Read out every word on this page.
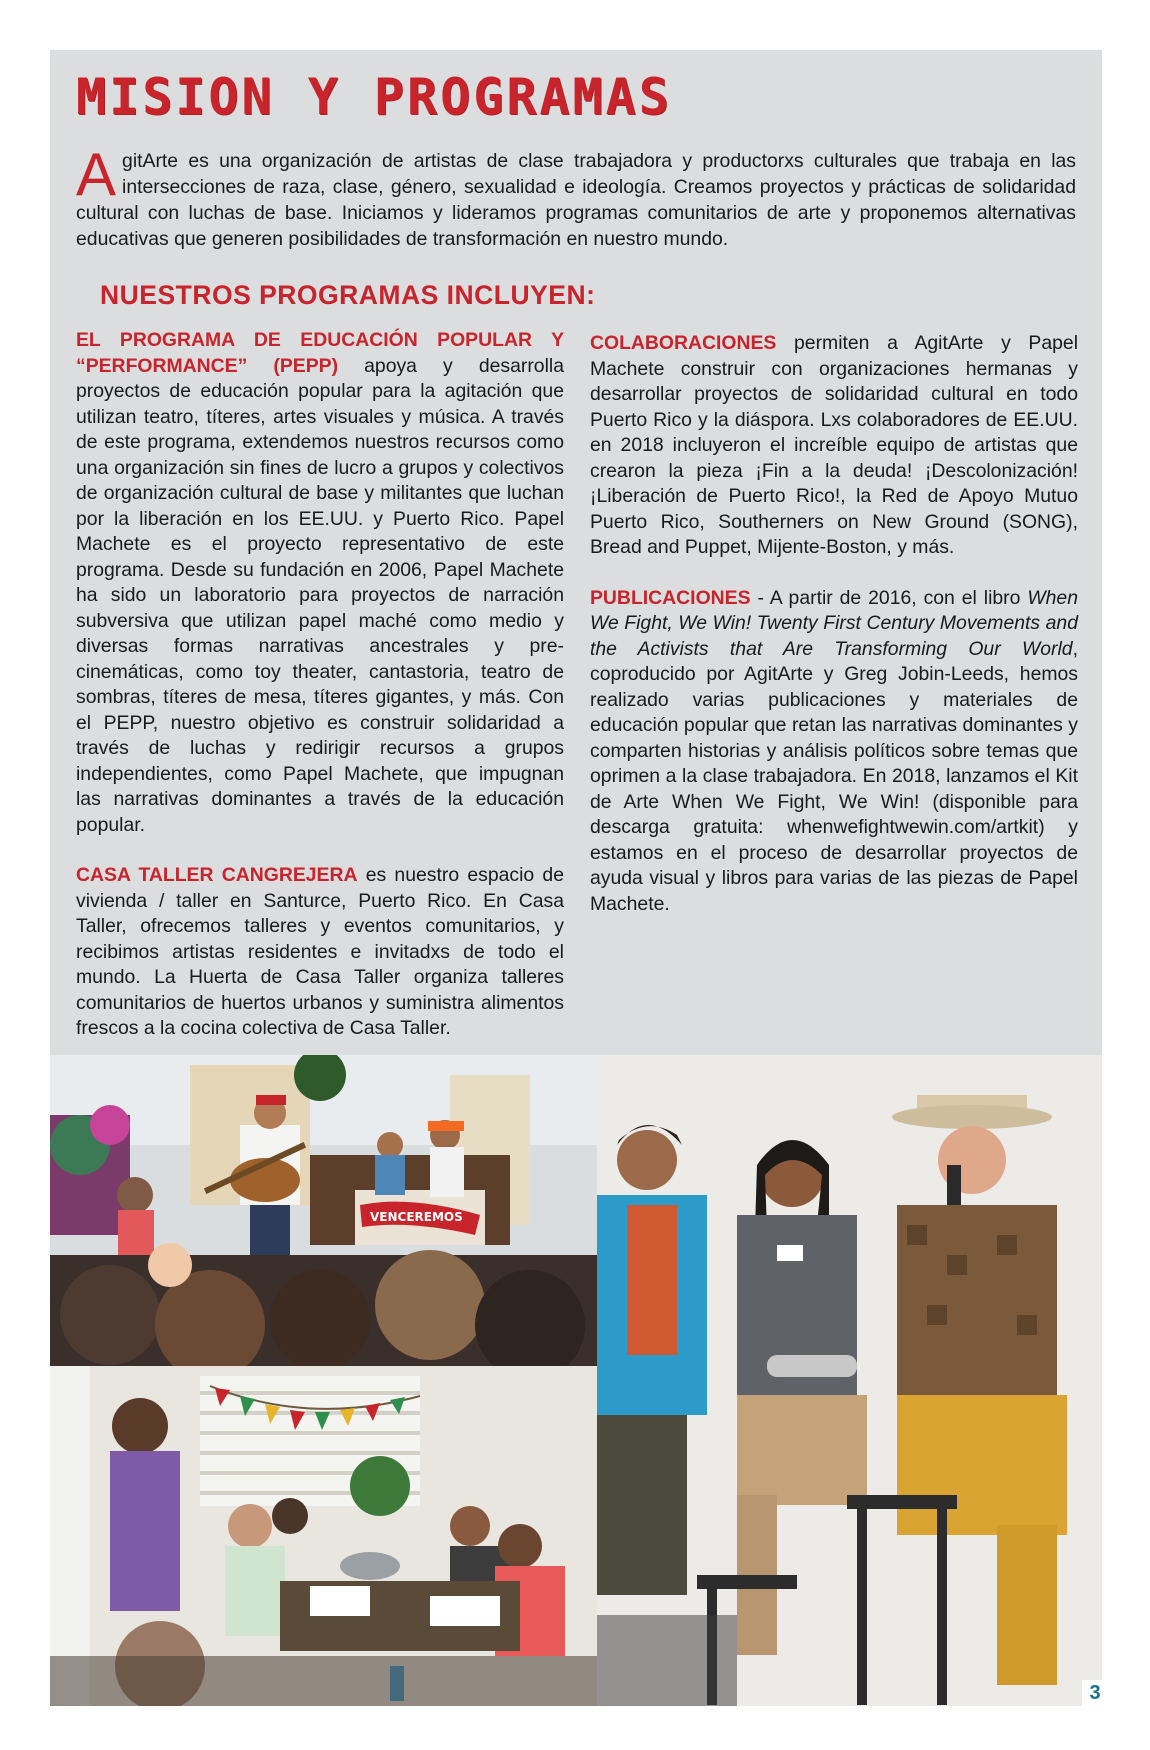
MISION Y PROGRAMAS

AgitArte es una organización de artistas de clase trabajadora y productorxs culturales que trabaja en las intersecciones de raza, clase, género, sexualidad e ideología. Creamos proyectos y prácticas de solidaridad cultural con luchas de base. Iniciamos y lideramos programas comunitarios de arte y proponemos alternativas educativas que generen posibilidades de transformación en nuestro mundo.

NUESTROS PROGRAMAS INCLUYEN:

EL PROGRAMA DE EDUCACIÓN POPULAR Y “PERFORMANCE” (PEPP) apoya y desarrolla proyectos de educación popular para la agitación que utilizan teatro, títeres, artes visuales y música. A través de este programa, extendemos nuestros recursos como una organización sin fines de lucro a grupos y colectivos de organización cultural de base y militantes que luchan por la liberación en los EE.UU. y Puerto Rico. Papel Machete es el proyecto representativo de este programa. Desde su fundación en 2006, Papel Machete ha sido un laboratorio para proyectos de narración subversiva que utilizan papel maché como medio y diversas formas narrativas ancestrales y pre-cinemáticas, como toy theater, cantastoria, teatro de sombras, títeres de mesa, títeres gigantes, y más. Con el PEPP, nuestro objetivo es construir solidaridad a través de luchas y redirigir recursos a grupos independientes, como Papel Machete, que impugnan las narrativas dominantes a través de la educación popular.

CASA TALLER CANGREJERA es nuestro espacio de vivienda / taller en Santurce, Puerto Rico. En Casa Taller, ofrecemos talleres y eventos comunitarios, y recibimos artistas residentes e invitadxs de todo el mundo. La Huerta de Casa Taller organiza talleres comunitarios de huertos urbanos y suministra alimentos frescos a la cocina colectiva de Casa Taller.

COLABORACIONES permiten a AgitArte y Papel Machete construir con organizaciones hermanas y desarrollar proyectos de solidaridad cultural en todo Puerto Rico y la diáspora. Lxs colaboradores de EE.UU. en 2018 incluyeron el increíble equipo de artistas que crearon la pieza ¡Fin a la deuda! ¡Descolonización! ¡Liberación de Puerto Rico!, la Red de Apoyo Mutuo Puerto Rico, Southerners on New Ground (SONG), Bread and Puppet, Mijente-Boston, y más.

PUBLICACIONES - A partir de 2016, con el libro When We Fight, We Win! Twenty First Century Movements and the Activists that Are Transforming Our World, coproducido por AgitArte y Greg Jobin-Leeds, hemos realizado varias publicaciones y materiales de educación popular que retan las narrativas dominantes y comparten historias y análisis políticos sobre temas que oprimen a la clase trabajadora. En 2018, lanzamos el Kit de Arte When We Fight, We Win! (disponible para descarga gratuita: whenwefightwewin.com/artkit) y estamos en el proceso de desarrollar proyectos de ayuda visual y libros para varias de las piezas de Papel Machete.

VENCEREMOS
3
